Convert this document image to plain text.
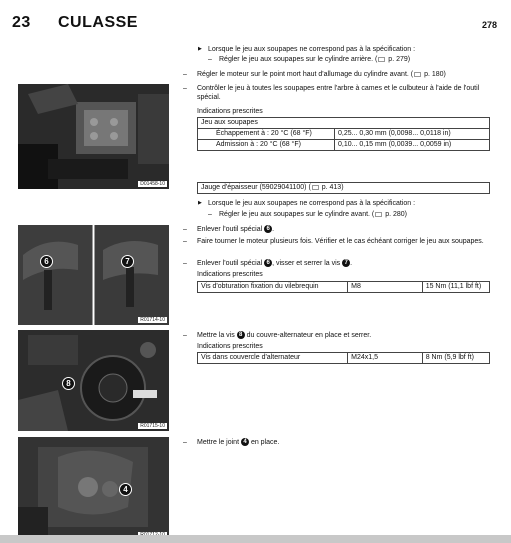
23 CULASSE	278
D01458-10
6	7
R01714-10
8
R01715-10
4
▶ Lorsque le jeu aux soupapes ne correspond pas à la spécification :
– Régler le jeu aux soupapes sur le cylindre arrière. ( p. 279)
– Régler le moteur sur le point mort haut d'allumage du cylindre avant. ( p. 180)
– Contrôler le jeu à toutes les soupapes entre l'arbre à cames et le culbuteur à l'aide de l'outil spécial.
Indications prescrites
Jeu aux soupapes	
Échappement à : 20 °C (68 °F)	0,25... 0,30 mm (0,0098... 0,0118 in)
Admission à : 20 °C (68 °F)	0,10... 0,15 mm (0,0039... 0,0059 in)
Jauge d'épaisseur (59029041100) ( p. 413)
▶ Lorsque le jeu aux soupapes ne correspond pas à la spécification :
– Régler le jeu aux soupapes sur le cylindre avant. ( p. 280)
– Enlever l'outil spécial 6 .
– Faire tourner le moteur plusieurs fois. Vérifier et le cas échéant corriger le jeu aux soupapes.
– Enlever l'outil spécial 6 , visser et serrer la vis 7 .
Indications prescrites
Vis d'obturation fixation du vilebrequin	M8	15 Nm (11,1 lbf ft)
– Mettre la vis 8 du couvre-alternateur en place et serrer.
Indications prescrites
Vis dans couvercle d'alternateur	M24x1,5	8 Nm (5,9 lbf ft)
– Mettre le joint 4 en place.
